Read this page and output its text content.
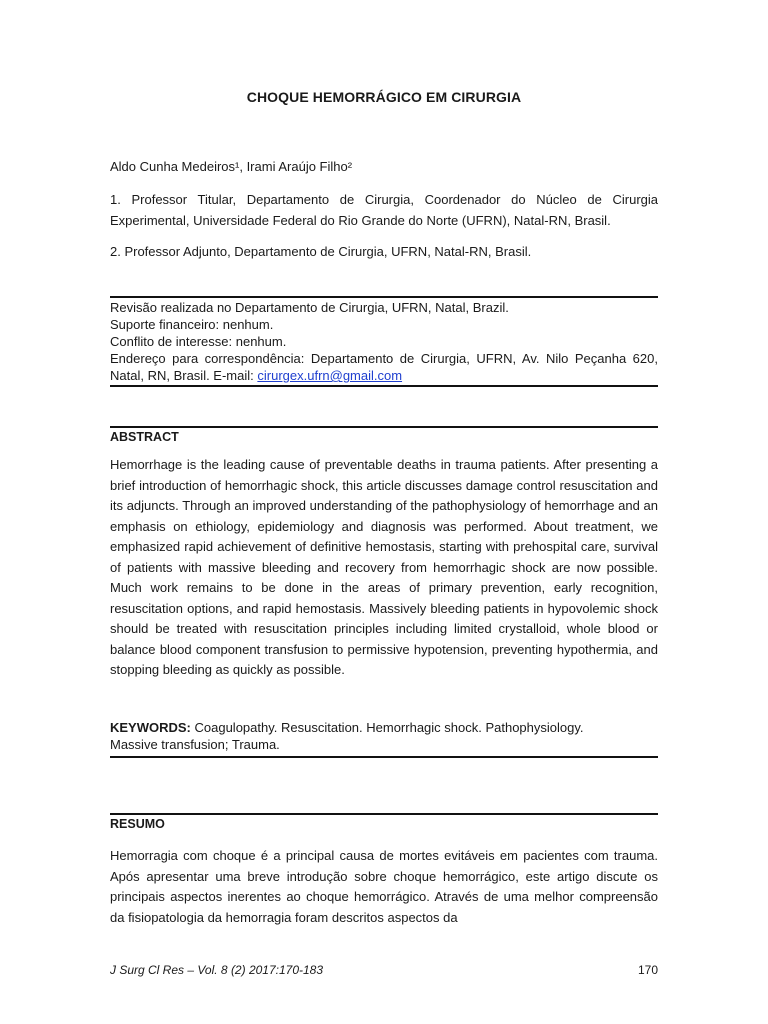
CHOQUE HEMORRÁGICO EM CIRURGIA
Aldo Cunha Medeiros¹, Irami Araújo Filho²
1. Professor Titular, Departamento de Cirurgia, Coordenador do Núcleo de Cirurgia Experimental, Universidade Federal do Rio Grande do Norte (UFRN), Natal-RN, Brasil.
2. Professor Adjunto, Departamento de Cirurgia, UFRN, Natal-RN, Brasil.
Revisão realizada no Departamento de Cirurgia, UFRN, Natal, Brazil.
Suporte financeiro: nenhum.
Conflito de interesse: nenhum.
Endereço para correspondência: Departamento de Cirurgia, UFRN, Av. Nilo Peçanha 620, Natal, RN, Brasil. E-mail: cirurgex.ufrn@gmail.com
ABSTRACT
Hemorrhage is the leading cause of preventable deaths in trauma patients. After presenting a brief introduction of hemorrhagic shock, this article discusses damage control resuscitation and its adjuncts. Through an improved understanding of the pathophysiology of hemorrhage and an emphasis on ethiology, epidemiology and diagnosis was performed. About treatment, we emphasized rapid achievement of definitive hemostasis, starting with prehospital care, survival of patients with massive bleeding and recovery from hemorrhagic shock are now possible. Much work remains to be done in the areas of primary prevention, early recognition, resuscitation options, and rapid hemostasis. Massively bleeding patients in hypovolemic shock should be treated with resuscitation principles including limited crystalloid, whole blood or balance blood component transfusion to permissive hypotension, preventing hypothermia, and stopping bleeding as quickly as possible.
KEYWORDS: Coagulopathy. Resuscitation. Hemorrhagic shock. Pathophysiology.
Massive transfusion; Trauma.
RESUMO
Hemorragia com choque é a principal causa de mortes evitáveis em pacientes com trauma. Após apresentar uma breve introdução sobre choque hemorrágico, este artigo discute os principais aspectos inerentes ao choque hemorrágico. Através de uma melhor compreensão da fisiopatologia da hemorragia foram descritos aspectos da
J Surg Cl Res – Vol. 8 (2) 2017:170-183	170
